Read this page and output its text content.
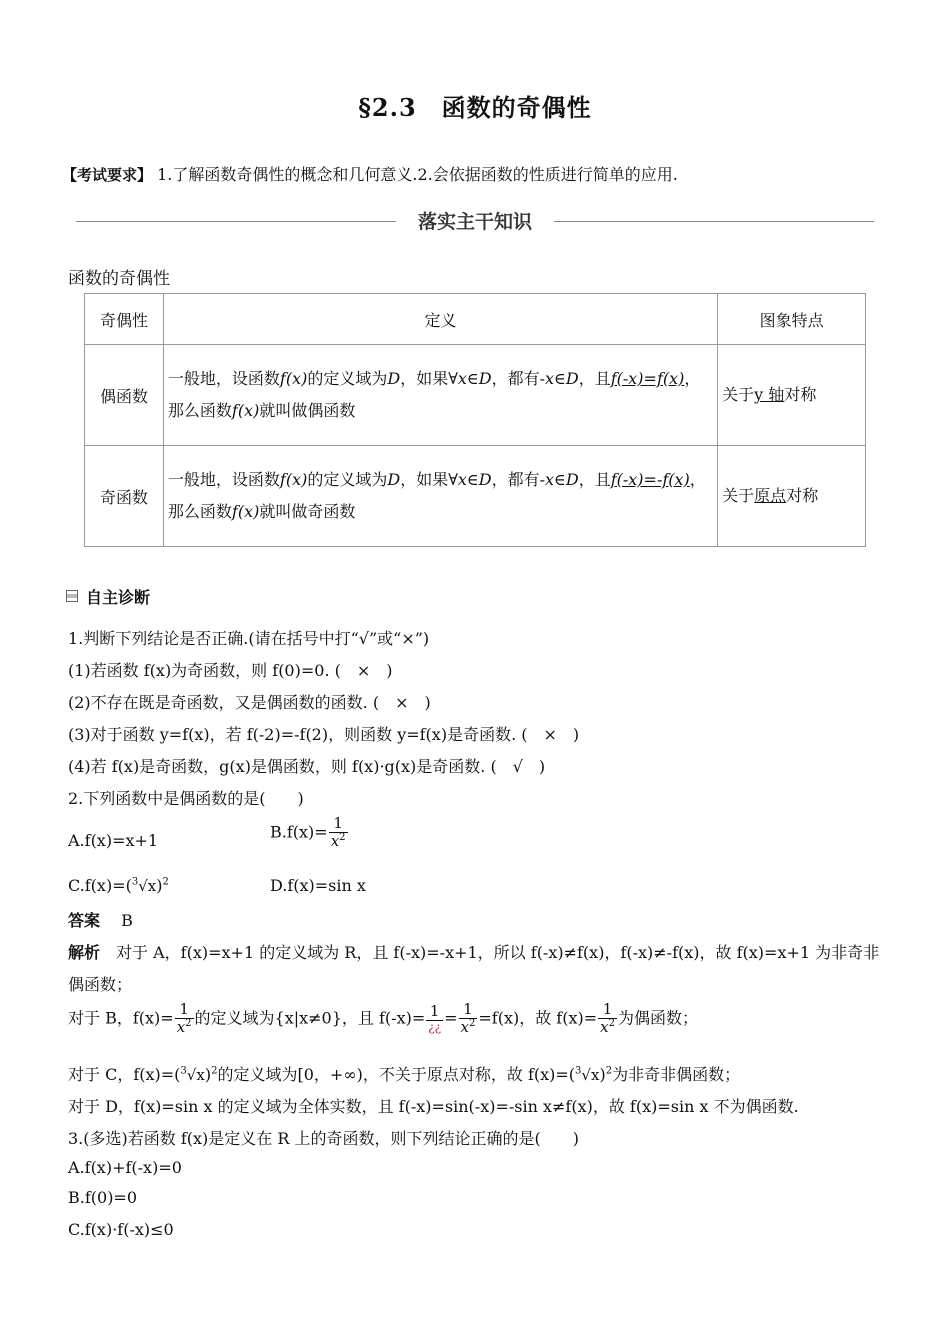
§2.3　函数的奇偶性
【考试要求】 1.了解函数奇偶性的概念和几何意义.2.会依据函数的性质进行简单的应用.
落实主干知识
函数的奇偶性
奇偶性	定义	图象特点
偶函数	一般地，设函数f(x)的定义域为D，如果∀x∈D，都有-x∈D，且f(-x)=f(x)，那么函数f(x)就叫做偶函数	关于y 轴对称
奇函数	一般地，设函数f(x)的定义域为D，如果∀x∈D，都有-x∈D，且f(-x)=-f(x)，那么函数f(x)就叫做奇函数	关于原点对称
自主诊断
1.判断下列结论是否正确.(请在括号中打“√”或“×”)
(1)若函数 f(x)为奇函数，则 f(0)=0. (　×　)
(2)不存在既是奇函数，又是偶函数的函数. (　×　)
(3)对于函数 y=f(x)，若 f(-2)=-f(2)，则函数 y=f(x)是奇函数. (　×　)
(4)若 f(x)是奇函数，g(x)是偶函数，则 f(x)·g(x)是奇函数. (　√　)
2.下列函数中是偶函数的是(　　)
A.f(x)=x+1	$B.f(x)= \frac{1}{x^2}$
$C.f(x)=(^3√x)^2$	D.f(x)=sin x
答案　 B
解析　 对于 A，f(x)=x+1 的定义域为 R，且 f(-x)=-x+1，所以 f(-x)≠f(x)，f(-x)≠-f(x)，故 f(x)=x+1 为非奇非
偶函数；
对于 B，$f(x)= \frac{1}{x^2}$ 的定义域为{x|x≠0}，且 $f(-x)= \frac{1}{¿¿} = \frac{1}{x^2} =f(x)$，故 $f(x)= \frac{1}{x^2}$ 为偶函数；
对于 C，$f(x)=(^3√x)^2$的定义域为[0，+∞)，不关于原点对称，故 $f(x)=(^3√x)^2$为非奇非偶函数；
对于 D，f(x)=sin x 的定义域为全体实数，且 f(-x)=sin(-x)=-sin x≠f(x)，故 f(x)=sin x 不为偶函数.
3.(多选)若函数 f(x)是定义在 R 上的奇函数，则下列结论正确的是(　　)
A.f(x)+f(-x)=0
B.f(0)=0
C.f(x)·f(-x)≤0
